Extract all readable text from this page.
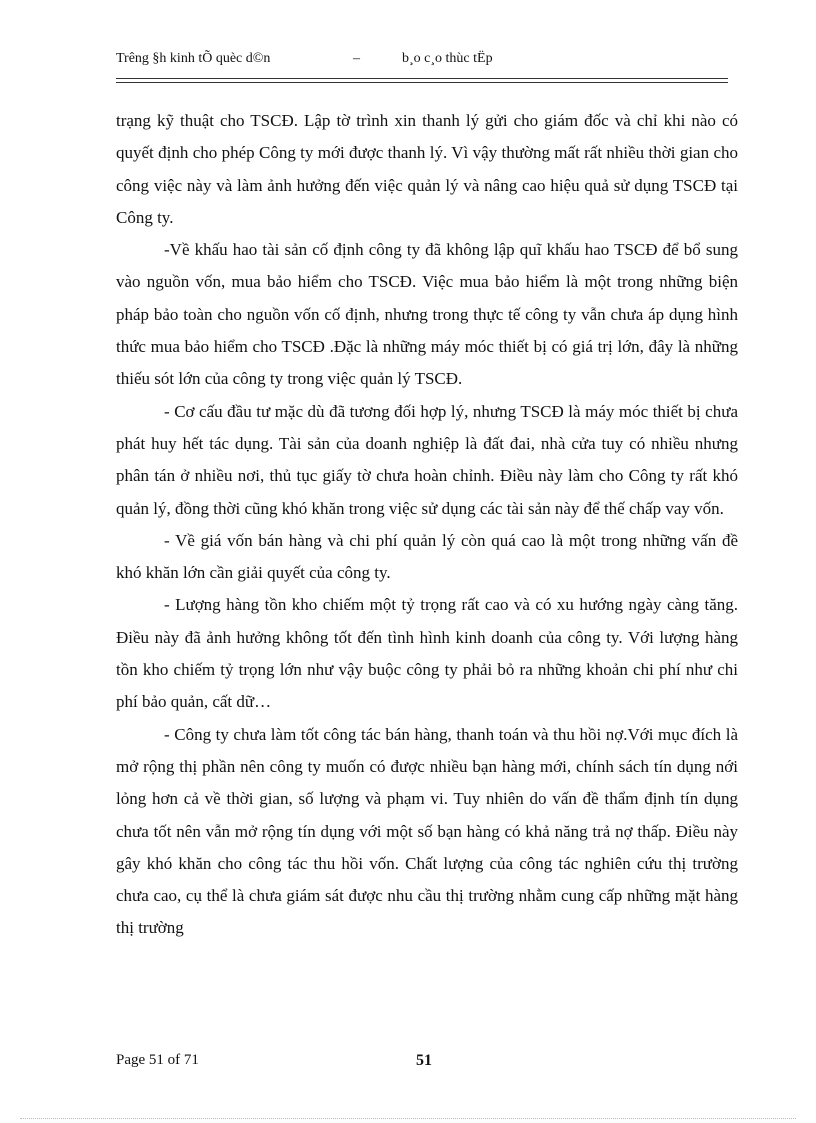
Trêng §h kinh tÕ quèc d©n	–	b¸o c¸o thùc tËp

trạng kỹ thuật cho TSCĐ. Lập tờ trình xin thanh lý gửi cho giám đốc và chỉ khi nào có quyết định cho phép Công ty mới được thanh lý. Vì vậy thường mất rất nhiều thời gian cho công việc này và làm ảnh hưởng đến việc quản lý và nâng cao hiệu quả sử dụng TSCĐ tại Công ty.

-Về khấu hao tài sản cố định công ty đã không lập quĩ khấu hao TSCĐ để bổ sung vào nguồn vốn, mua bảo hiểm cho TSCĐ. Việc mua bảo hiểm là một trong những biện pháp bảo toàn cho nguồn vốn cố định, nhưng trong thực tế công ty vẫn chưa áp dụng hình thức mua bảo hiểm cho TSCĐ .Đặc là những máy móc thiết bị có giá trị lớn, đây là những thiếu sót lớn của công ty trong việc quản lý TSCĐ.

- Cơ cấu đầu tư mặc dù đã tương đối hợp lý, nhưng TSCĐ là máy móc thiết bị chưa phát huy hết tác dụng. Tài sản của doanh nghiệp là đất đai, nhà cửa tuy có nhiều nhưng phân tán ở nhiều nơi, thủ tục giấy tờ chưa hoàn chỉnh. Điều này làm cho Công ty rất khó quản lý, đồng thời cũng khó khăn trong việc sử dụng các tài sản này để thế chấp vay vốn.

- Về giá vốn bán hàng và chi phí quản lý còn quá cao là một trong những vấn đề khó khăn lớn cần giải quyết của công ty.

- Lượng hàng tồn kho chiếm một tỷ trọng rất cao và có xu hướng ngày càng tăng. Điều này đã ảnh hưởng không tốt đến tình hình kinh doanh của công ty. Với lượng hàng tồn kho chiếm tỷ trọng lớn như vậy buộc công ty phải bỏ ra những khoản chi phí như chi phí bảo quản, cất dữ…

- Công ty chưa làm tốt công tác bán hàng, thanh toán và thu hồi nợ.Với mục đích là mở rộng thị phần nên công ty muốn có được nhiều bạn hàng mới, chính sách tín dụng nới lỏng hơn cả về thời gian, số lượng và phạm vi. Tuy nhiên do vấn đề thẩm định tín dụng chưa tốt nên vẫn mở rộng tín dụng với một số bạn hàng có khả năng trả nợ thấp. Điều này gây khó khăn cho công tác thu hồi vốn. Chất lượng của công tác nghiên cứu thị trường chưa cao, cụ thể là chưa giám sát được nhu cầu thị trường nhằm cung cấp những mặt hàng thị trường

Page 51 of 71	51
